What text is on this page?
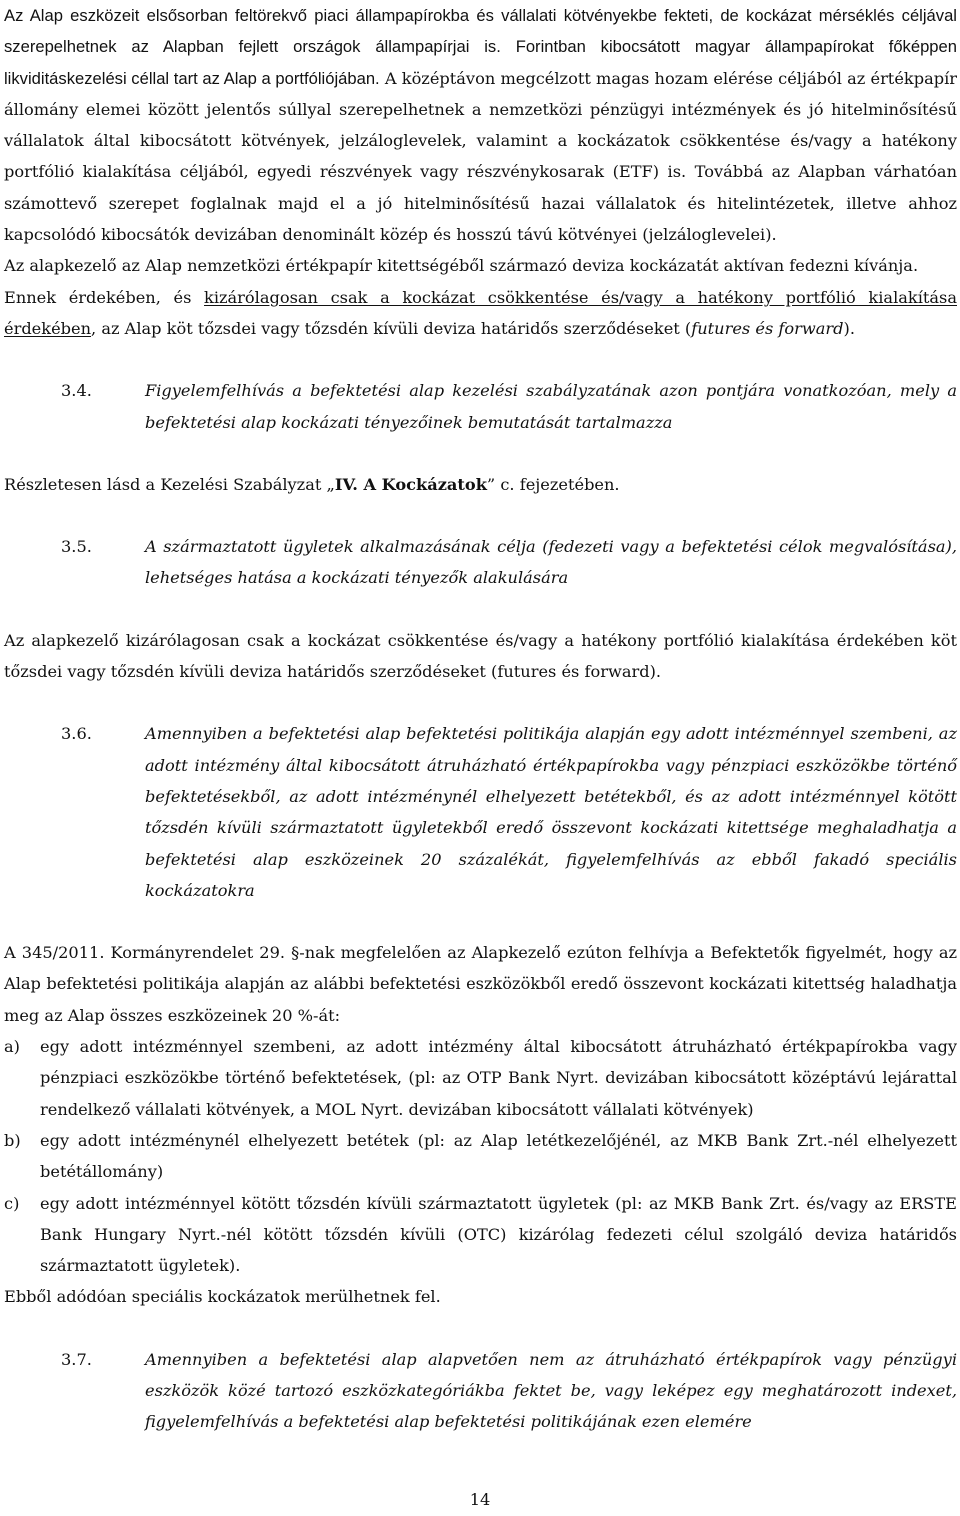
Az Alap eszközeit elsősorban feltörekvő piaci állampapírokba és vállalati kötvényekbe fekteti, de kockázat mérséklés céljával szerepelhetnek az Alapban fejlett országok állampapírjai is. Forintban kibocsátott magyar állampapírokat főképpen likviditáskezelési céllal tart az Alap a portfóliójában. A középtávon megcélzott magas hozam elérése céljából az értékpapír állomány elemei között jelentős súllyal szerepelhetnek a nemzetközi pénzügyi intézmények és jó hitelminősítésű vállalatok által kibocsátott kötvények, jelzáloglevelek, valamint a kockázatok csökkentése és/vagy a hatékony portfólió kialakítása céljából, egyedi részvények vagy részvénykosarak (ETF) is. Továbbá az Alapban várhatóan számottevő szerepet foglalnak majd el a jó hitelminősítésű hazai vállalatok és hitelintézetek, illetve ahhoz kapcsolódó kibocsátók devizában denominált közép és hosszú távú kötvényei (jelzáloglevelei).

Az alapkezelő az Alap nemzetközi értékpapír kitettségéből származó deviza kockázatát aktívan fedezni kívánja.

Ennek érdekében, és kizárólagosan csak a kockázat csökkentése és/vagy a hatékony portfólió kialakítása érdekében, az Alap köt tőzsdei vagy tőzsdén kívüli deviza határidős szerződéseket (futures és forward).

3.4.	Figyelemfelhívás a befektetési alap kezelési szabályzatának azon pontjára vonatkozóan, mely a befektetési alap kockázati tényezőinek bemutatását tartalmazza

Részletesen lásd a Kezelési Szabályzat „IV. A Kockázatok” c. fejezetében.

3.5.	A származtatott ügyletek alkalmazásának célja (fedezeti vagy a befektetési célok megvalósítása), lehetséges hatása a kockázati tényezők alakulására

Az alapkezelő kizárólagosan csak a kockázat csökkentése és/vagy a hatékony portfólió kialakítása érdekében köt tőzsdei vagy tőzsdén kívüli deviza határidős szerződéseket (futures és forward).

3.6.	Amennyiben a befektetési alap befektetési politikája alapján egy adott intézménnyel szembeni, az adott intézmény által kibocsátott átruházható értékpapírokba vagy pénzpiaci eszközökbe történő befektetésekből, az adott intézménynél elhelyezett betétekből, és az adott intézménnyel kötött tőzsdén kívüli származtatott ügyletekből eredő összevont kockázati kitettsége meghaladhatja a befektetési alap eszközeinek 20 százalékát, figyelemfelhívás az ebből fakadó speciális kockázatokra

A 345/2011. Kormányrendelet 29. §-nak megfelelően az Alapkezelő ezúton felhívja a Befektetők figyelmét, hogy az Alap befektetési politikája alapján az alábbi befektetési eszközökből eredő összevont kockázati kitettség haladhatja meg az Alap összes eszközeinek 20 %-át:

a)	egy adott intézménnyel szembeni, az adott intézmény által kibocsátott átruházható értékpapírokba vagy pénzpiaci eszközökbe történő befektetések, (pl: az OTP Bank Nyrt. devizában kibocsátott középtávú lejárattal rendelkező vállalati kötvények, a MOL Nyrt. devizában kibocsátott vállalati kötvények)
b)	egy adott intézménynél elhelyezett betétek (pl: az Alap letétkezelőjénél, az MKB Bank Zrt.-nél elhelyezett betétállomány)
c)	egy adott intézménnyel kötött tőzsdén kívüli származtatott ügyletek (pl: az MKB Bank Zrt. és/vagy az ERSTE Bank Hungary Nyrt.-nél kötött tőzsdén kívüli (OTC) kizárólag fedezeti célul szolgáló deviza határidős származtatott ügyletek).

Ebből adódóan speciális kockázatok merülhetnek fel.

3.7.	Amennyiben a befektetési alap alapvetően nem az átruházható értékpapírok vagy pénzügyi eszközök közé tartozó eszközkategóriákba fektet be, vagy leképez egy meghatározott indexet, figyelemfelhívás a befektetési alap befektetési politikájának ezen elemére
14
